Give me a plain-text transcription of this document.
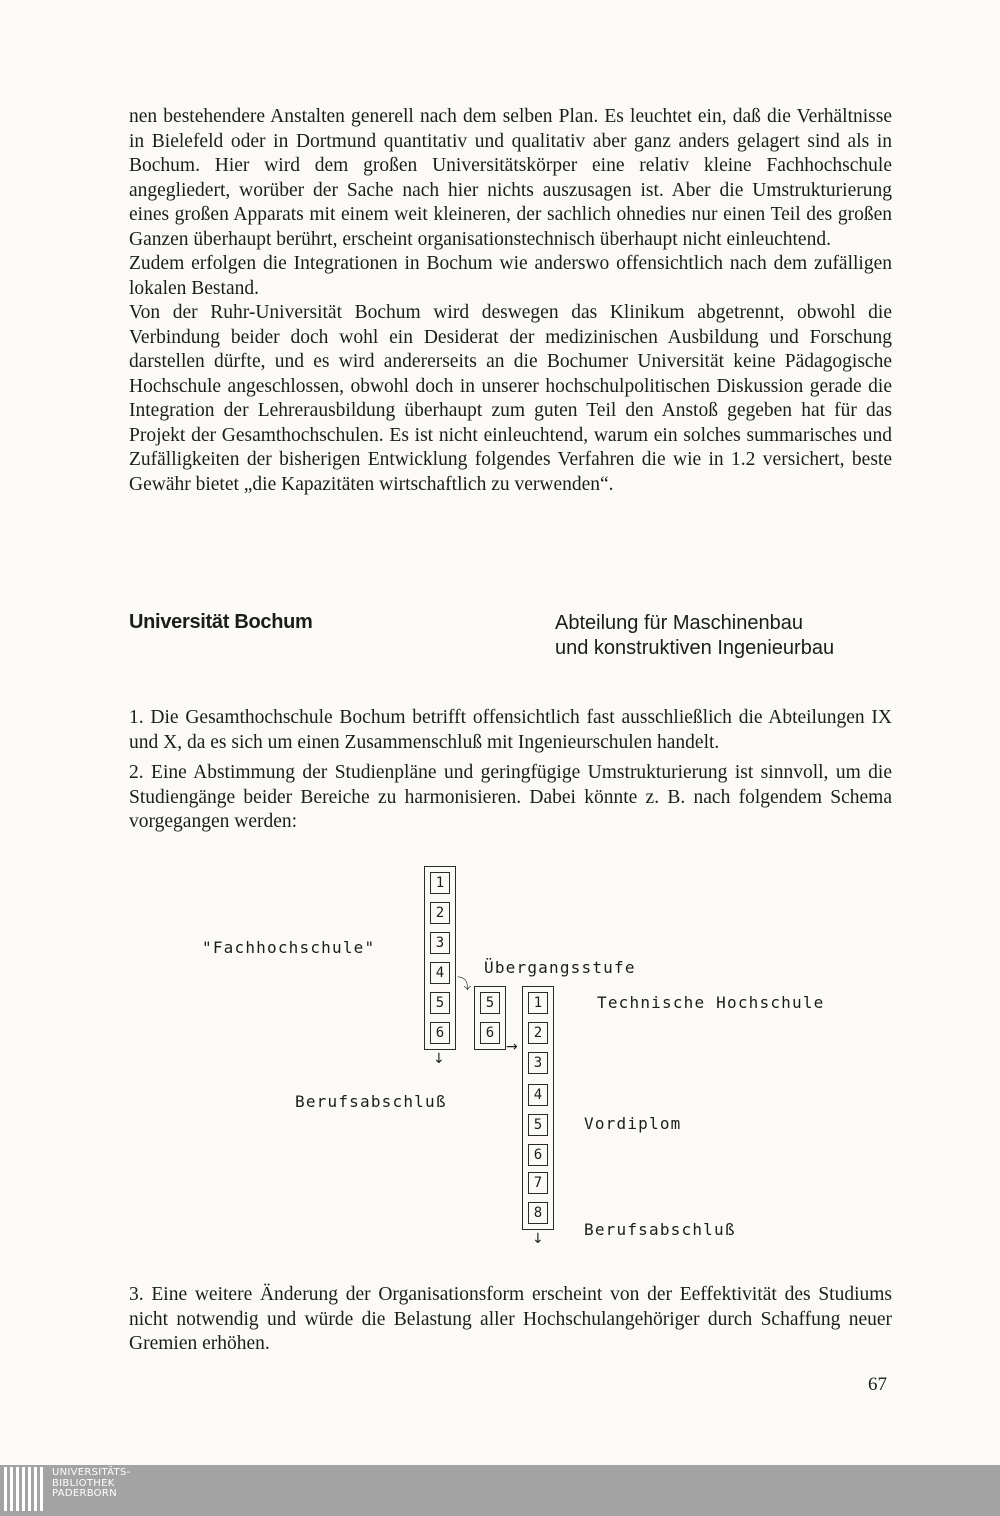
nen bestehendere Anstalten generell nach dem selben Plan. Es leuchtet ein, daß die Verhältnisse in Bielefeld oder in Dortmund quantitativ und qualitativ aber ganz anders gelagert sind als in Bochum. Hier wird dem großen Universitätskörper eine relativ kleine Fachhochschule angegliedert, worüber der Sache nach hier nichts auszusagen ist. Aber die Umstrukturierung eines großen Apparats mit einem weit kleineren, der sachlich ohnedies nur einen Teil des großen Ganzen überhaupt berührt, erscheint organisationstechnisch überhaupt nicht einleuchtend.

Zudem erfolgen die Integrationen in Bochum wie anderswo offensichtlich nach dem zufälligen lokalen Bestand.

Von der Ruhr-Universität Bochum wird deswegen das Klinikum abgetrennt, obwohl die Verbindung beider doch wohl ein Desiderat der medizinischen Ausbildung und Forschung darstellen dürfte, und es wird andererseits an die Bochumer Universität keine Pädagogische Hochschule angeschlossen, obwohl doch in unserer hochschulpolitischen Diskussion gerade die Integration der Lehrerausbildung überhaupt zum guten Teil den Anstoß gegeben hat für das Projekt der Gesamthochschulen. Es ist nicht einleuchtend, warum ein solches summarisches und Zufälligkeiten der bisherigen Entwicklung folgendes Verfahren die wie in 1.2 versichert, beste Gewähr bietet „die Kapazitäten wirtschaftlich zu verwenden“.

Universität Bochum	Abteilung für Maschinenbau
und konstruktiven Ingenieurbau

1. Die Gesamthochschule Bochum betrifft offensichtlich fast ausschließlich die Abteilungen IX und X, da es sich um einen Zusammenschluß mit Ingenieurschulen handelt.

2. Eine Abstimmung der Studienpläne und geringfügige Umstrukturierung ist sinnvoll, um die Studiengänge beider Bereiche zu harmonisieren. Dabei könnte z. B. nach folgendem Schema vorgegangen werden:

"Fachhochschule"
Übergangsstufe
Technische Hochschule
Berufsabschluß
Vordiplom
Berufsabschluß
1
2
3
4
5
6
↓
⤵
5
6
→
1
2
3
4
5
6
7
8
↓

3. Eine weitere Änderung der Organisationsform erscheint von der Eeffektivität des Studiums nicht notwendig und würde die Belastung aller Hochschulangehöriger durch Schaffung neuer Gremien erhöhen.

67
UNIVERSITÄTS-
BIBLIOTHEK
PADERBORN
